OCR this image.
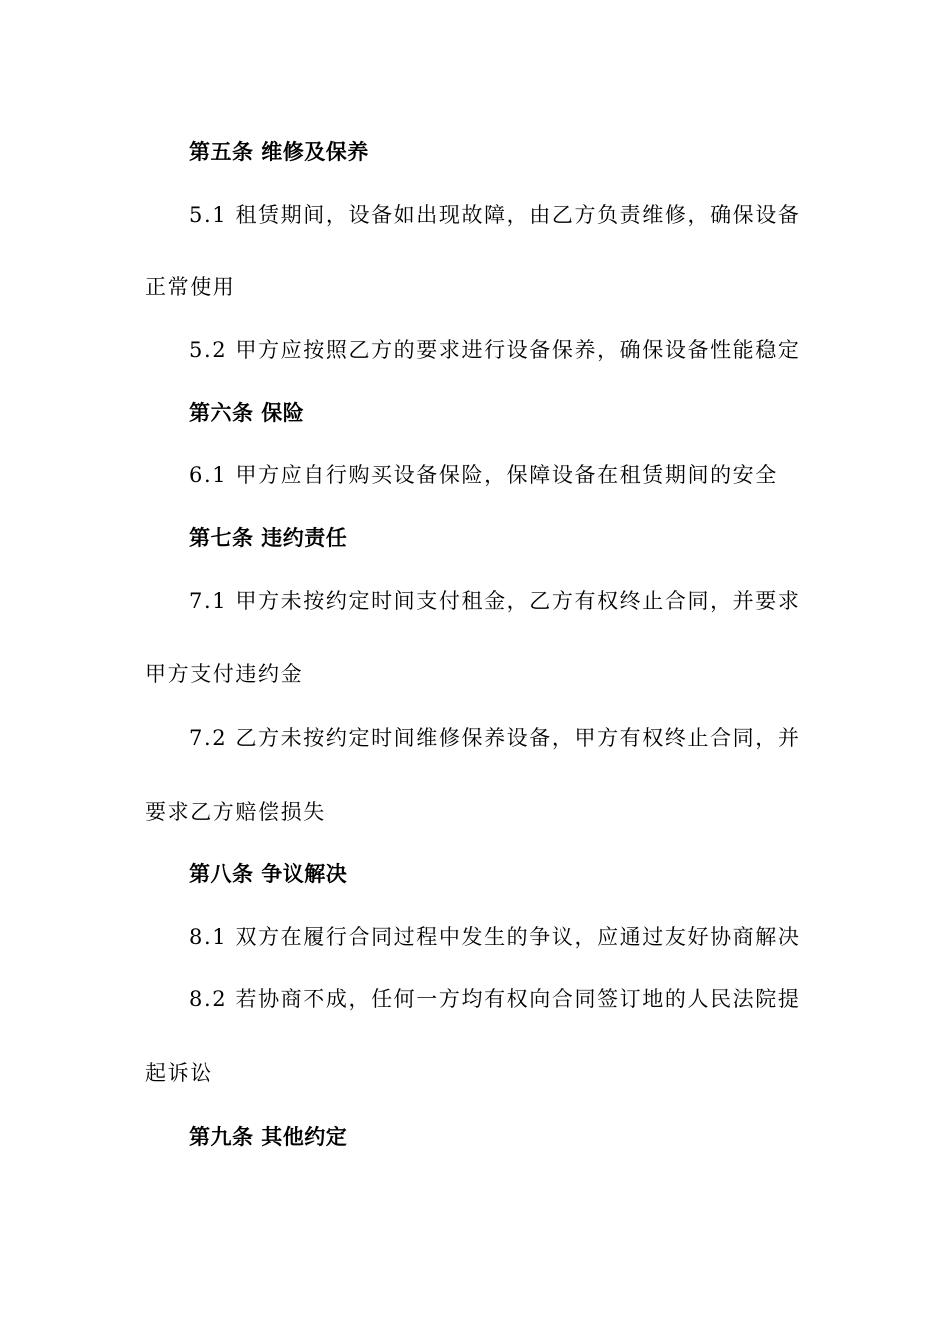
第五条 维修及保养

5.1 租赁期间，设备如出现故障，由乙方负责维修，确保设备

正常使用

5.2 甲方应按照乙方的要求进行设备保养，确保设备性能稳定

第六条 保险

6.1 甲方应自行购买设备保险，保障设备在租赁期间的安全

第七条 违约责任

7.1 甲方未按约定时间支付租金，乙方有权终止合同，并要求

甲方支付违约金

7.2 乙方未按约定时间维修保养设备，甲方有权终止合同，并

要求乙方赔偿损失

第八条 争议解决

8.1 双方在履行合同过程中发生的争议，应通过友好协商解决

8.2 若协商不成，任何一方均有权向合同签订地的人民法院提

起诉讼

第九条 其他约定
